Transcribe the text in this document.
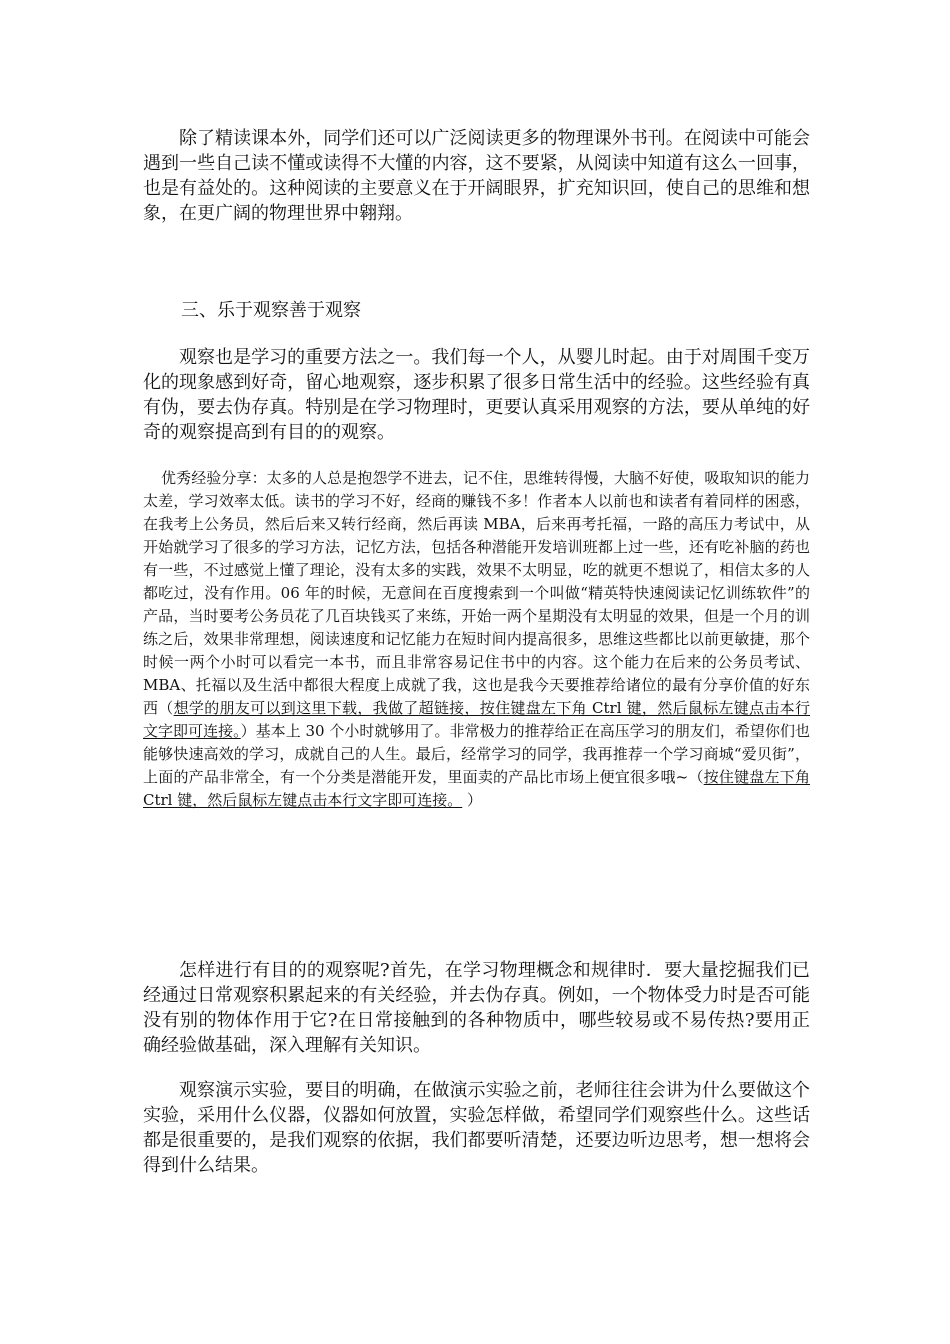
除了精读课本外，同学们还可以广泛阅读更多的物理课外书刊。在阅读中可能会遇到一些自己读不懂或读得不大懂的内容，这不要紧，从阅读中知道有这么一回事，也是有益处的。这种阅读的主要意义在于开阔眼界，扩充知识回，使自己的思维和想象，在更广阔的物理世界中翱翔。

三、乐于观察善于观察

观察也是学习的重要方法之一。我们每一个人，从婴儿时起。由于对周围千变万化的现象感到好奇，留心地观察，逐步积累了很多日常生活中的经验。这些经验有真有伪，要去伪存真。特别是在学习物理时，更要认真采用观察的方法，要从单纯的好奇的观察提高到有目的的观察。

优秀经验分享：太多的人总是抱怨学不进去，记不住，思维转得慢，大脑不好使，吸取知识的能力太差，学习效率太低。读书的学习不好，经商的赚钱不多！作者本人以前也和读者有着同样的困惑，在我考上公务员，然后后来又转行经商，然后再读 MBA，后来再考托福，一路的高压力考试中，从开始就学习了很多的学习方法，记忆方法，包括各种潜能开发培训班都上过一些，还有吃补脑的药也有一些，不过感觉上懂了理论，没有太多的实践，效果不太明显，吃的就更不想说了，相信太多的人都吃过，没有作用。06 年的时候，无意间在百度搜索到一个叫做“精英特快速阅读记忆训练软件”的产品，当时要考公务员花了几百块钱买了来练，开始一两个星期没有太明显的效果，但是一个月的训练之后，效果非常理想，阅读速度和记忆能力在短时间内提高很多，思维这些都比以前更敏捷，那个时候一两个小时可以看完一本书，而且非常容易记住书中的内容。这个能力在后来的公务员考试、MBA、托福以及生活中都很大程度上成就了我，这也是我今天要推荐给诸位的最有分享价值的好东西（想学的朋友可以到这里下载，我做了超链接，按住键盘左下角 Ctrl 键，然后鼠标左键点击本行文字即可连接。）基本上 30 个小时就够用了。非常极力的推荐给正在高压学习的朋友们，希望你们也能够快速高效的学习，成就自己的人生。最后，经常学习的同学，我再推荐一个学习商城“爱贝街”，上面的产品非常全，有一个分类是潜能开发，里面卖的产品比市场上便宜很多哦~（按住键盘左下角 Ctrl 键，然后鼠标左键点击本行文字即可连接。 ）

怎样进行有目的的观察呢?首先，在学习物理概念和规律时．要大量挖掘我们已经通过日常观察积累起来的有关经验，并去伪存真。例如，一个物体受力时是否可能没有别的物体作用于它?在日常接触到的各种物质中，哪些较易或不易传热?要用正确经验做基础，深入理解有关知识。

观察演示实验，要目的明确，在做演示实验之前，老师往往会讲为什么要做这个实验，采用什么仪器，仪器如何放置，实验怎样做，希望同学们观察些什么。这些话都是很重要的，是我们观察的依据，我们都要听清楚，还要边听边思考，想一想将会得到什么结果。
